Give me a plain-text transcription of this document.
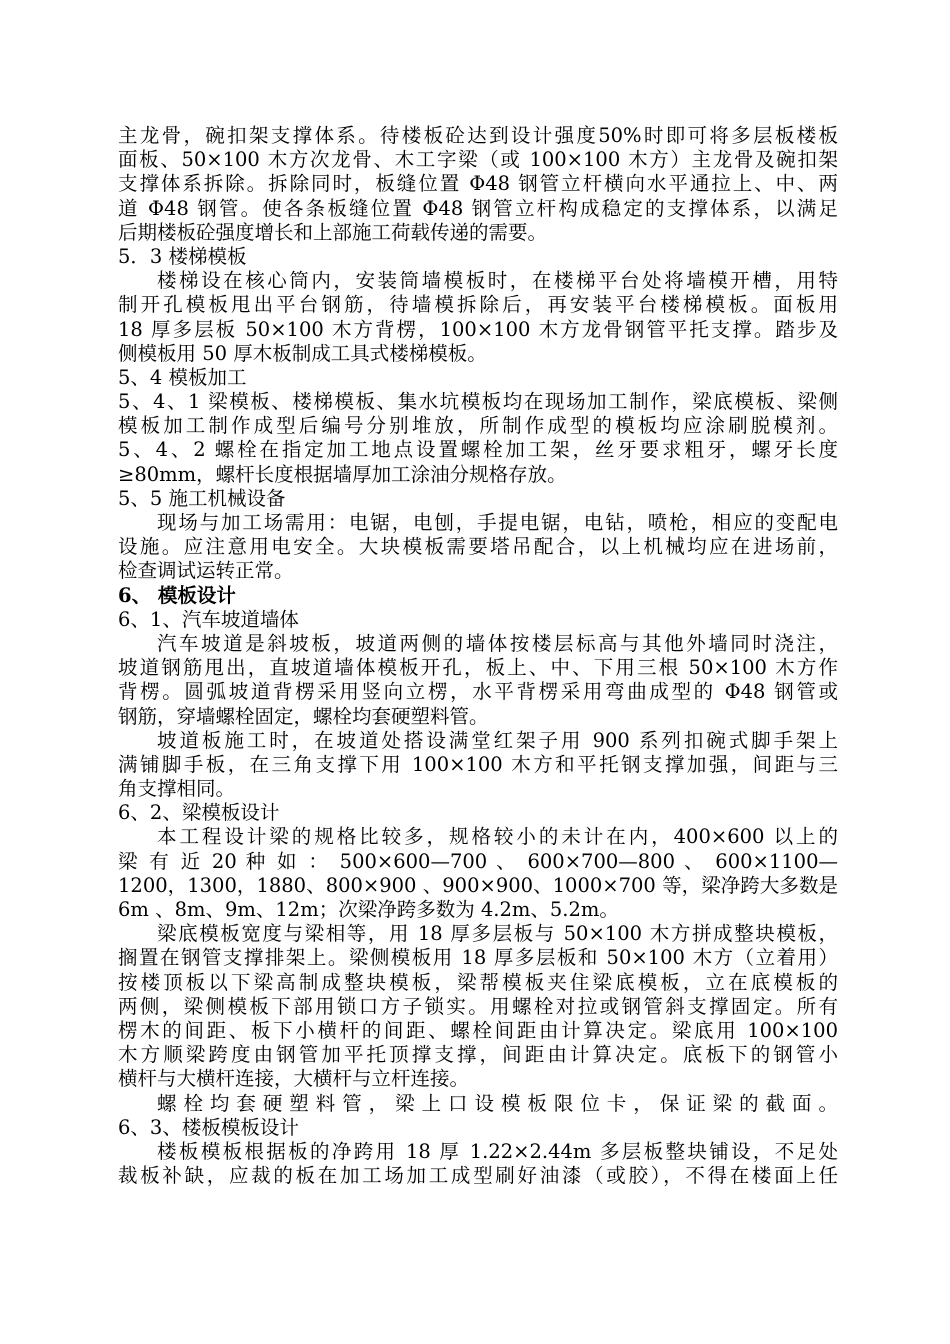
主龙骨，碗扣架支撑体系。待楼板砼达到设计强度50%时即可将多层板楼板
面板、50×100 木方次龙骨、木工字梁（或 100×100 木方）主龙骨及碗扣架
支撑体系拆除。拆除同时，板缝位置 Φ48 钢管立杆横向水平通拉上、中、两
道 Φ48 钢管。使各条板缝位置 Φ48 钢管立杆构成稳定的支撑体系，以满足
后期楼板砼强度增长和上部施工荷载传递的需要。
5．3 楼梯模板
楼梯设在核心筒内，安装筒墙模板时，在楼梯平台处将墙模开槽，用特
制开孔模板甩出平台钢筋，待墙模拆除后，再安装平台楼梯模板。面板用
18 厚多层板 50×100 木方背楞，100×100 木方龙骨钢管平托支撑。踏步及
侧模板用 50 厚木板制成工具式楼梯模板。
5、4 模板加工
5、4、1 梁模板、楼梯模板、集水坑模板均在现场加工制作，梁底模板、梁侧
模板加工制作成型后编号分别堆放，所制作成型的模板均应涂刷脱模剂。
5、4、2 螺栓在指定加工地点设置螺栓加工架，丝牙要求粗牙，螺牙长度
≥80mm，螺杆长度根据墙厚加工涂油分规格存放。
5、5 施工机械设备
现场与加工场需用：电锯，电刨，手提电锯，电钻，喷枪，相应的变配电
设施。应注意用电安全。大块模板需要塔吊配合，以上机械均应在进场前，
检查调试运转正常。
6、 模板设计
6、1、汽车坡道墙体
汽车坡道是斜坡板，坡道两侧的墙体按楼层标高与其他外墙同时浇注，
坡道钢筋甩出，直坡道墙体模板开孔，板上、中、下用三根 50×100 木方作
背楞。圆弧坡道背楞采用竖向立楞，水平背楞采用弯曲成型的 Φ48 钢管或
钢筋，穿墙螺栓固定，螺栓均套硬塑料管。
坡道板施工时，在坡道处搭设满堂红架子用 900 系列扣碗式脚手架上
满铺脚手板，在三角支撑下用 100×100 木方和平托钢支撑加强，间距与三
角支撑相同。
6、2、梁模板设计
本工程设计梁的规格比较多，规格较小的未计在内，400×600 以上的
梁 有 近 20 种 如 ： 500×600—700 、 600×700—800 、 600×1100—
1200，1300，1880、800×900 、900×900、1000×700 等，梁净跨大多数是
6m 、8m、9m、12m；次梁净跨多数为 4.2m、5.2m。
梁底模板宽度与梁相等，用 18 厚多层板与 50×100 木方拼成整块模板，
搁置在钢管支撑排架上。梁侧模板用 18 厚多层板和 50×100 木方（立着用）
按楼顶板以下梁高制成整块模板，梁帮模板夹住梁底模板，立在底模板的
两侧，梁侧模板下部用锁口方子锁实。用螺栓对拉或钢管斜支撑固定。所有
楞木的间距、板下小横杆的间距、螺栓间距由计算决定。梁底用 100×100
木方顺梁跨度由钢管加平托顶撑支撑，间距由计算决定。底板下的钢管小
横杆与大横杆连接，大横杆与立杆连接。
螺栓均套硬塑料管，梁上口设模板限位卡，保证梁的截面。
6、3、楼板模板设计
楼板模板根据板的净跨用 18 厚 1.22×2.44m 多层板整块铺设，不足处
裁板补缺，应裁的板在加工场加工成型刷好油漆（或胶），不得在楼面上任
